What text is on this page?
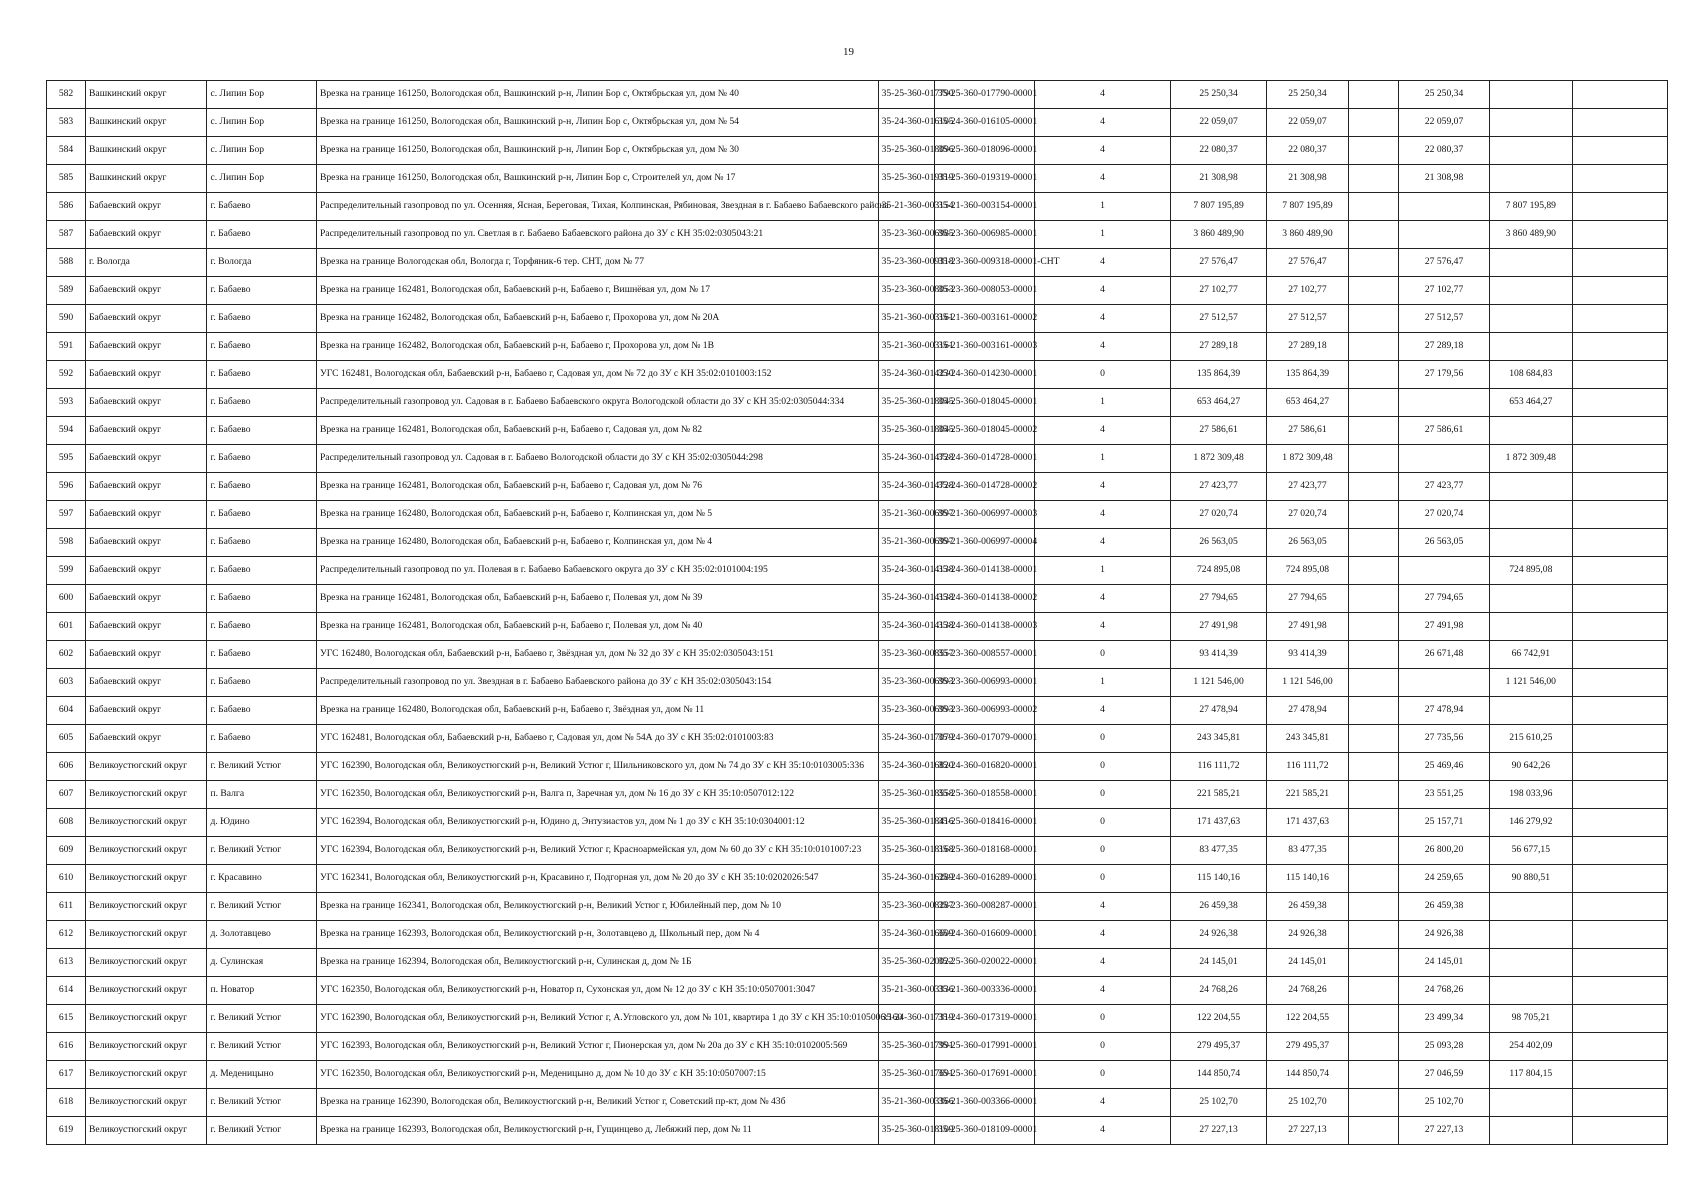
19
582	Вашкинский округ	с. Липин Бор	Врезка на границе 161250, Вологодская обл, Вашкинский р-н, Липин Бор с, Октябрьская ул, дом № 40	35-25-360-017790	35-25-360-017790-00001	4	25 250,34	25 250,34		25 250,34		
583	Вашкинский округ	с. Липин Бор	Врезка на границе 161250, Вологодская обл, Вашкинский р-н, Липин Бор с, Октябрьская ул, дом № 54	35-24-360-016105	35-24-360-016105-00001	4	22 059,07	22 059,07		22 059,07		
584	Вашкинский округ	с. Липин Бор	Врезка на границе 161250, Вологодская обл, Вашкинский р-н, Липин Бор с, Октябрьская ул, дом № 30	35-25-360-018096	35-25-360-018096-00001	4	22 080,37	22 080,37		22 080,37		
585	Вашкинский округ	с. Липин Бор	Врезка на границе 161250, Вологодская обл, Вашкинский р-н, Липин Бор с, Строителей ул, дом № 17	35-25-360-019319	35-25-360-019319-00001	4	21 308,98	21 308,98		21 308,98		
586	Бабаевский округ	г. Бабаево	Распределительный газопровод по ул. Осенняя, Ясная, Береговая, Тихая, Колпинская, Рябиновая, Звездная в г. Бабаево Бабаевского района	35-21-360-003154	35-21-360-003154-00001	1	7 807 195,89	7 807 195,89			7 807 195,89	
587	Бабаевский округ	г. Бабаево	Распределительный газопровод по ул. Светлая в г. Бабаево Бабаевского района до ЗУ с КН 35:02:0305043:21	35-23-360-006985	35-23-360-006985-00001	1	3 860 489,90	3 860 489,90			3 860 489,90	
588	г. Вологда	г. Вологда	Врезка на границе Вологодская обл, Вологда г, Торфяник-6 тер. СНТ, дом № 77	35-23-360-009318	35-23-360-009318-00001-СНТ	4	27 576,47	27 576,47		27 576,47		
589	Бабаевский округ	г. Бабаево	Врезка на границе 162481, Вологодская обл, Бабаевский р-н, Бабаево г, Вишнёвая ул, дом № 17	35-23-360-008053	35-23-360-008053-00001	4	27 102,77	27 102,77		27 102,77		
590	Бабаевский округ	г. Бабаево	Врезка на границе 162482, Вологодская обл, Бабаевский р-н, Бабаево г, Прохорова ул, дом № 20А	35-21-360-003161	35-21-360-003161-00002	4	27 512,57	27 512,57		27 512,57		
591	Бабаевский округ	г. Бабаево	Врезка на границе 162482, Вологодская обл, Бабаевский р-н, Бабаево г, Прохорова ул, дом № 1В	35-21-360-003161	35-21-360-003161-00003	4	27 289,18	27 289,18		27 289,18		
592	Бабаевский округ	г. Бабаево	УГС 162481, Вологодская обл, Бабаевский р-н, Бабаево г, Садовая ул, дом № 72 до ЗУ с КН 35:02:0101003:152	35-24-360-014230	35-24-360-014230-00001	0	135 864,39	135 864,39		27 179,56	108 684,83	
593	Бабаевский округ	г. Бабаево	Распределительный газопровод ул. Садовая в г. Бабаево Бабаевского округа Вологодской области до ЗУ с КН 35:02:0305044:334	35-25-360-018045	35-25-360-018045-00001	1	653 464,27	653 464,27			653 464,27	
594	Бабаевский округ	г. Бабаево	Врезка на границе 162481, Вологодская обл, Бабаевский р-н, Бабаево г, Садовая ул, дом № 82	35-25-360-018045	35-25-360-018045-00002	4	27 586,61	27 586,61		27 586,61		
595	Бабаевский округ	г. Бабаево	Распределительный газопровод ул. Садовая в г. Бабаево Вологодской области до ЗУ с КН 35:02:0305044:298	35-24-360-014728	35-24-360-014728-00001	1	1 872 309,48	1 872 309,48			1 872 309,48	
596	Бабаевский округ	г. Бабаево	Врезка на границе 162481, Вологодская обл, Бабаевский р-н, Бабаево г, Садовая ул, дом № 76	35-24-360-014728	35-24-360-014728-00002	4	27 423,77	27 423,77		27 423,77		
597	Бабаевский округ	г. Бабаево	Врезка на границе 162480, Вологодская обл, Бабаевский р-н, Бабаево г, Колпинская ул, дом № 5	35-21-360-006997	35-21-360-006997-00003	4	27 020,74	27 020,74		27 020,74		
598	Бабаевский округ	г. Бабаево	Врезка на границе 162480, Вологодская обл, Бабаевский р-н, Бабаево г, Колпинская ул, дом № 4	35-21-360-006997	35-21-360-006997-00004	4	26 563,05	26 563,05		26 563,05		
599	Бабаевский округ	г. Бабаево	Распределительный газопровод по ул. Полевая в г. Бабаево Бабаевского округа до ЗУ с КН 35:02:0101004:195	35-24-360-014138	35-24-360-014138-00001	1	724 895,08	724 895,08			724 895,08	
600	Бабаевский округ	г. Бабаево	Врезка на границе 162481, Вологодская обл, Бабаевский р-н, Бабаево г, Полевая ул, дом № 39	35-24-360-014138	35-24-360-014138-00002	4	27 794,65	27 794,65		27 794,65		
601	Бабаевский округ	г. Бабаево	Врезка на границе 162481, Вологодская обл, Бабаевский р-н, Бабаево г, Полевая ул, дом № 40	35-24-360-014138	35-24-360-014138-00003	4	27 491,98	27 491,98		27 491,98		
602	Бабаевский округ	г. Бабаево	УГС 162480, Вологодская обл, Бабаевский р-н, Бабаево г, Звёздная ул, дом № 32 до ЗУ с КН 35:02:0305043:151	35-23-360-008557	35-23-360-008557-00001	0	93 414,39	93 414,39		26 671,48	66 742,91	
603	Бабаевский округ	г. Бабаево	Распределительный газопровод по ул. Звездная в г. Бабаево Бабаевского района до ЗУ с КН 35:02:0305043:154	35-23-360-006993	35-23-360-006993-00001	1	1 121 546,00	1 121 546,00			1 121 546,00	
604	Бабаевский округ	г. Бабаево	Врезка на границе 162480, Вологодская обл, Бабаевский р-н, Бабаево г, Звёздная ул, дом № 11	35-23-360-006993	35-23-360-006993-00002	4	27 478,94	27 478,94		27 478,94		
605	Бабаевский округ	г. Бабаево	УГС 162481, Вологодская обл, Бабаевский р-н, Бабаево г, Садовая ул, дом № 54А до ЗУ с КН 35:02:0101003:83	35-24-360-017079	35-24-360-017079-00001	0	243 345,81	243 345,81		27 735,56	215 610,25	
606	Великоустюгский округ	г. Великий Устюг	УГС 162390, Вологодская обл, Великоустюгский р-н, Великий Устюг г, Шильниковского ул, дом № 74 до ЗУ с КН 35:10:0103005:336	35-24-360-016820	35-24-360-016820-00001	0	116 111,72	116 111,72		25 469,46	90 642,26	
607	Великоустюгский округ	п. Валга	УГС 162350, Вологодская обл, Великоустюгский р-н, Валга п, Заречная ул, дом № 16 до ЗУ с КН 35:10:0507012:122	35-25-360-018558	35-25-360-018558-00001	0	221 585,21	221 585,21		23 551,25	198 033,96	
608	Великоустюгский округ	д. Юдино	УГС 162394, Вологодская обл, Великоустюгский р-н, Юдино д, Энтузиастов ул, дом № 1 до ЗУ с КН 35:10:0304001:12	35-25-360-018416	35-25-360-018416-00001	0	171 437,63	171 437,63		25 157,71	146 279,92	
609	Великоустюгский округ	г. Великий Устюг	УГС 162394, Вологодская обл, Великоустюгский р-н, Великий Устюг г, Красноармейская ул, дом № 60 до ЗУ с КН 35:10:0101007:23	35-25-360-018168	35-25-360-018168-00001	0	83 477,35	83 477,35		26 800,20	56 677,15	
610	Великоустюгский округ	г. Красавино	УГС 162341, Вологодская обл, Великоустюгский р-н, Красавино г, Подгорная ул, дом № 20 до ЗУ с КН 35:10:0202026:547	35-24-360-016289	35-24-360-016289-00001	0	115 140,16	115 140,16		24 259,65	90 880,51	
611	Великоустюгский округ	г. Великий Устюг	Врезка на границе 162341, Вологодская обл, Великоустюгский р-н, Великий Устюг г, Юбилейный пер, дом № 10	35-23-360-008287	35-23-360-008287-00001	4	26 459,38	26 459,38		26 459,38		
612	Великоустюгский округ	д. Золотавцево	Врезка на границе 162393, Вологодская обл, Великоустюгский р-н, Золотавцево д, Школьный пер, дом № 4	35-24-360-016609	35-24-360-016609-00001	4	24 926,38	24 926,38		24 926,38		
613	Великоустюгский округ	д. Сулинская	Врезка на границе 162394, Вологодская обл, Великоустюгский р-н, Сулинская д, дом № 1Б	35-25-360-020022	35-25-360-020022-00001	4	24 145,01	24 145,01		24 145,01		
614	Великоустюгский округ	п. Новатор	УГС 162350, Вологодская обл, Великоустюгский р-н, Новатор п, Сухонская ул, дом № 12 до ЗУ с КН 35:10:0507001:3047	35-21-360-003336	35-21-360-003336-00001	4	24 768,26	24 768,26		24 768,26		
615	Великоустюгский округ	г. Великий Устюг	УГС 162390, Вологодская обл, Великоустюгский р-н, Великий Устюг г, А.Угловского ул, дом № 101, квартира 1 до ЗУ с КН 35:10:0105006:160	35-24-360-017319	35-24-360-017319-00001	0	122 204,55	122 204,55		23 499,34	98 705,21	
616	Великоустюгский округ	г. Великий Устюг	УГС 162393, Вологодская обл, Великоустюгский р-н, Великий Устюг г, Пионерская ул, дом № 20а до ЗУ с КН 35:10:0102005:569	35-25-360-017991	35-25-360-017991-00001	0	279 495,37	279 495,37		25 093,28	254 402,09	
617	Великоустюгский округ	д. Меденицыно	УГС 162350, Вологодская обл, Великоустюгский р-н, Меденицыно д, дом № 10 до ЗУ с КН 35:10:0507007:15	35-25-360-017691	35-25-360-017691-00001	0	144 850,74	144 850,74		27 046,59	117 804,15	
618	Великоустюгский округ	г. Великий Устюг	Врезка на границе 162390, Вологодская обл, Великоустюгский р-н, Великий Устюг г, Советский пр-кт, дом № 43б	35-21-360-003366	35-21-360-003366-00001	4	25 102,70	25 102,70		25 102,70		
619	Великоустюгский округ	г. Великий Устюг	Врезка на границе 162393, Вологодская обл, Великоустюгский р-н, Гущинцево д, Лебяжий пер, дом № 11	35-25-360-018109	35-25-360-018109-00001	4	27 227,13	27 227,13		27 227,13		
